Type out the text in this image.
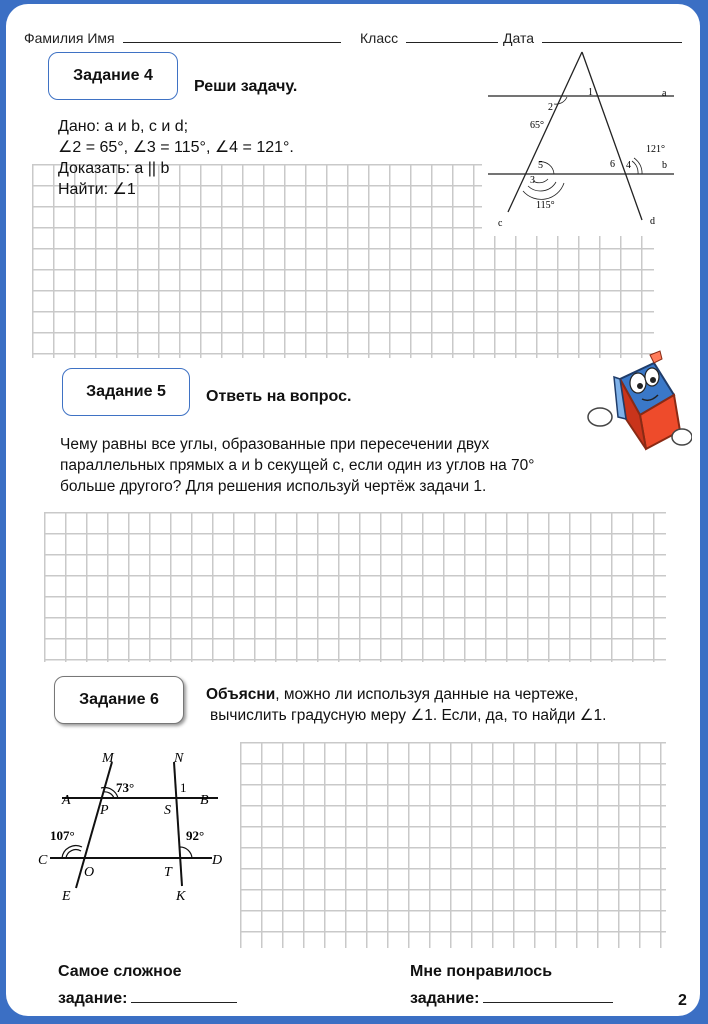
Фамилия Имя	Класс	Дата
Задание 4
Реши задачу.
Дано: a и b, c и d;
∠2 = 65°, ∠3 = 115°, ∠4 = 121°.
Доказать: a || b
Найти: ∠1
a
b
c	d
1
2
65°
5
3
6 4
121°
115°
Задание 5	Ответь на вопрос.
Чему равны все углы, образованные при пересечении двух
параллельных прямых a и b секущей c, если один из углов на 70°
больше другого? Для решения используй чертёж задачи 1.
Задание 6	Объясни, можно ли используя данные на чертеже,
вычислить градусную меру ∠1. Если, да, то найди ∠1.
M	N
73°	1
A	B
P	S
107°	92°
C	D
O	T
E	K
Самое сложное
задание:
Мне понравилось
задание:	2
